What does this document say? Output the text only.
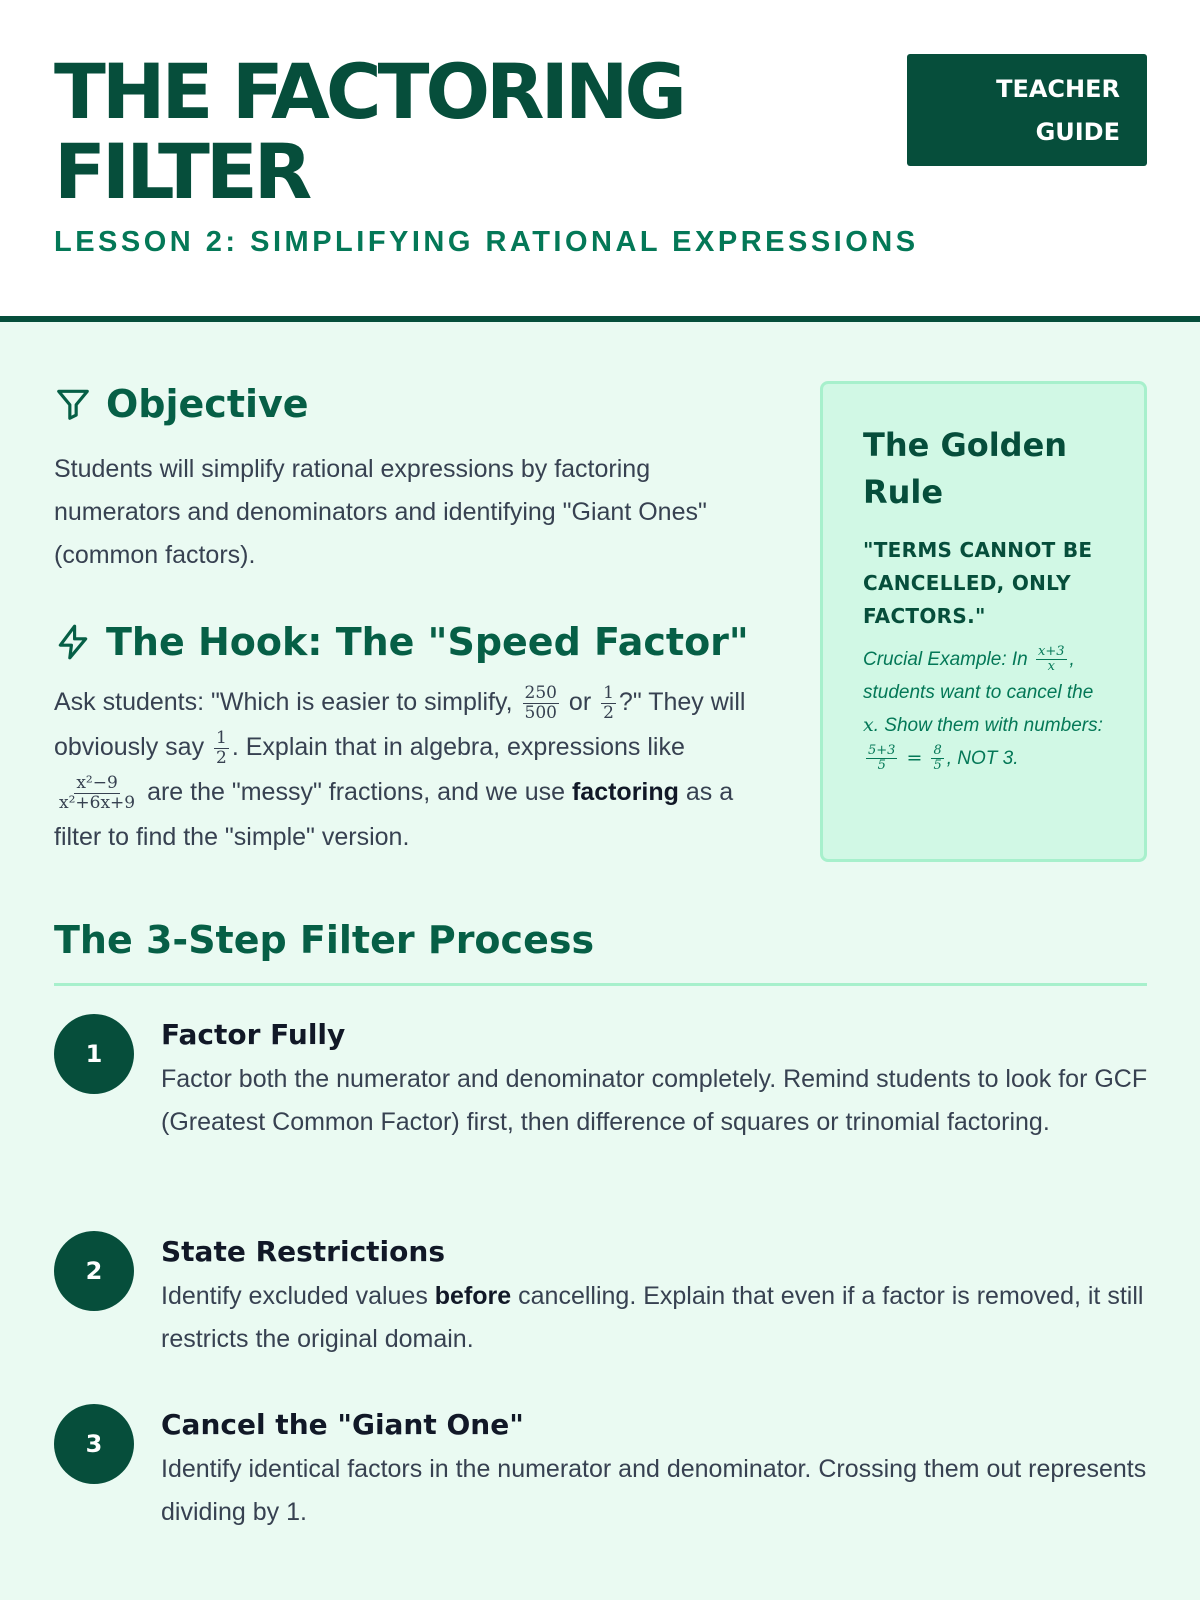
THE FACTORING FILTER
LESSON 2: SIMPLIFYING RATIONAL EXPRESSIONS
TEACHER
GUIDE
Objective

Students will simplify rational expressions by factoring numerators and denominators and identifying "Giant Ones" (common factors).

The Hook: The "Speed Factor"

Ask students: "Which is easier to simplify, $\frac{250}{500}$ or $\frac{1}{2}$ ?" They will obviously say $\frac{1}{2}$ . Explain that in algebra, expressions like
$\frac{\text{x²−9}}{\text{x²+6x+9}}$ are the "messy" fractions, and we use factoring as a filter to find the "simple" version.

The Golden Rule

"TERMS CANNOT BE CANCELLED, ONLY FACTORS."

Crucial Example: In $\frac{x+3}{x}$ , students want to cancel the x. Show them with numbers:
$\frac{5+3}{5} = \frac{8}{5}$ , NOT 3.

The 3-Step Filter Process
1
Factor Fully

Factor both the numerator and denominator completely. Remind students to look for GCF (Greatest Common Factor) first, then difference of squares or trinomial factoring.

2
State Restrictions

Identify excluded values before cancelling. Explain that even if a factor is removed, it still restricts the original domain.

3
Cancel the "Giant One"

Identify identical factors in the numerator and denominator. Crossing them out represents dividing by 1.
